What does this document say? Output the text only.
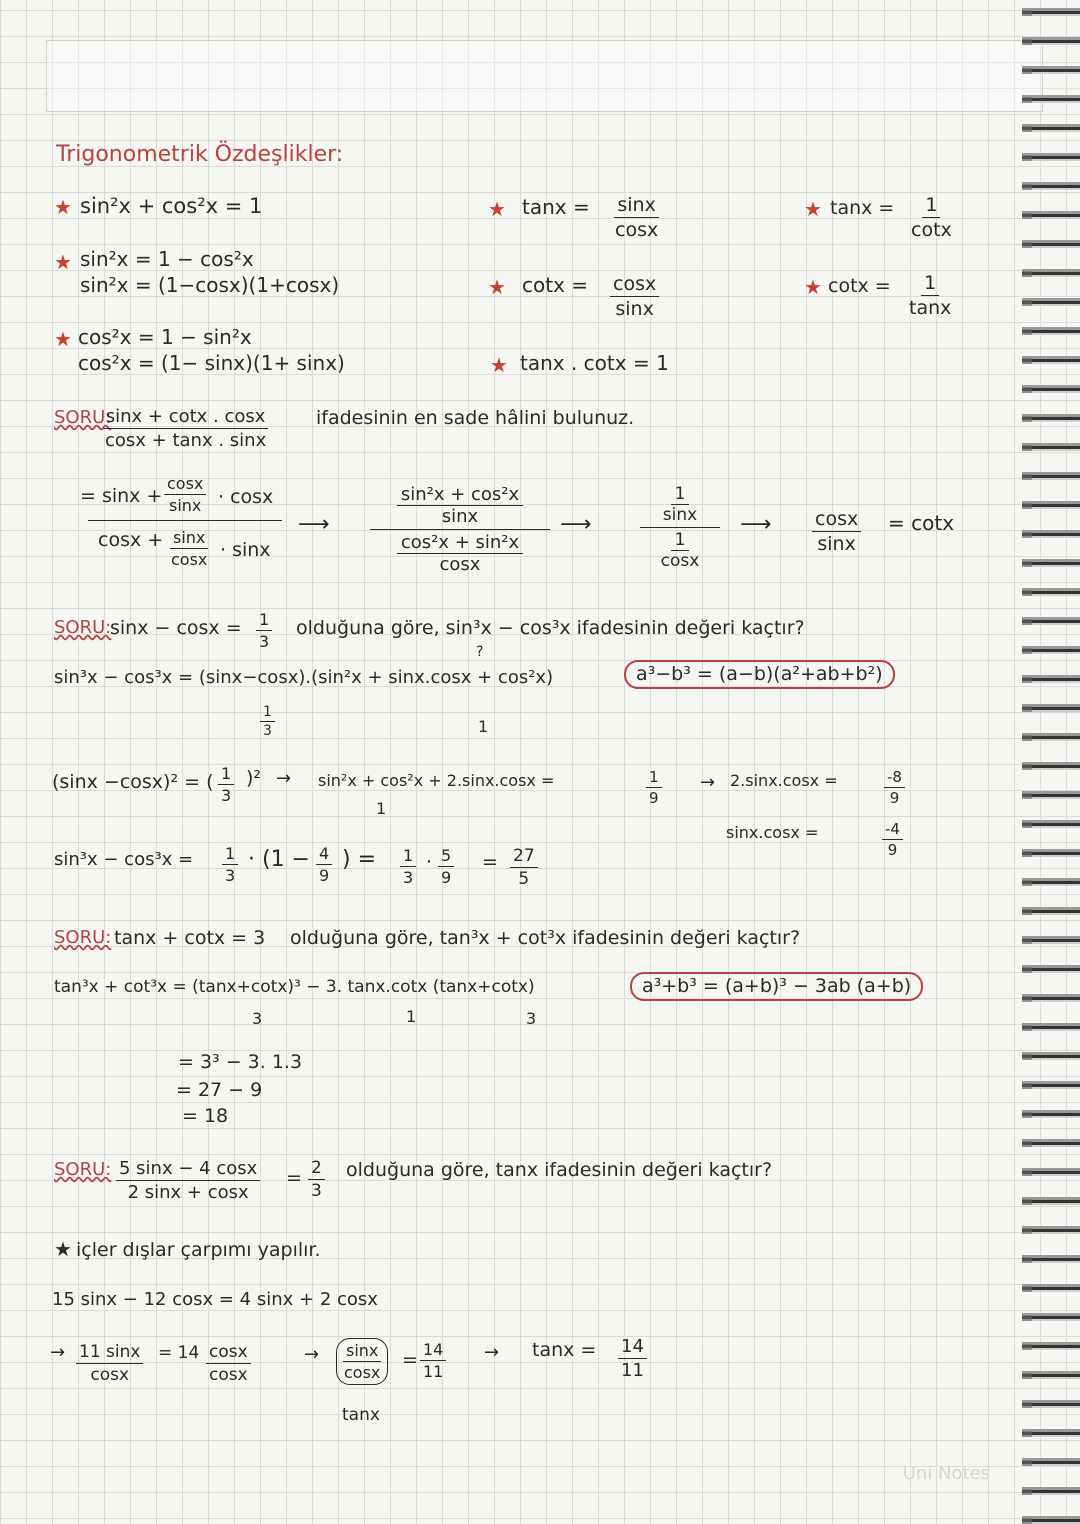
Trigonometrik Özdeşlikler:
★ sin²x + cos²x = 1
★ sin²x = 1 − cos²x
sin²x = (1−cosx)(1+cosx)
★ cos²x = 1 − sin²x
cos²x = (1− sinx)(1+ sinx)
★ $\tan x = \frac{\sin x}{\cos x}$
★ $\cot x = \frac{\cos x}{\sin x}$
★ tanx . cotx = 1
★ $\tan x = \frac{1}{\cot x}$
★ $\cot x = \frac{1}{\tan x}$
SORU:
$\frac{\sin x + \cot x . \cos x}{\cos x + \tan x . \sin x}$ ifadesinin en sade hâlini bulunuz.
= $\sin x + \frac{\cos x}{\sin x} \cdot \cos x$
$\cos x + \frac{\sin x}{\cos x} \cdot \sin x$
⟶
sin²x + cos²x
sinx
cos²x + sin²x
cosx
⟶
1
sinx
1
cosx
⟶ $\frac{\cos x}{\sin x} = \cot x$
SORU:
$\sin x - \cos x = \frac{1}{3}$ olduğuna göre, sin³x − cos³x ifadesinin değeri kaçtır?
?
sin³x − cos³x = (sinx−cosx).(sin²x + sinx.cosx + cos²x)
$\frac{1}{3}$	1
a³−b³ = (a−b)(a²+ab+b²)
(sinx −cosx)² = ( $\frac{1}{3} )^2 \to \sin^2x + \cos^2x + 2.\sin x.\cos x$ =
1
$\frac{1}{9} \to 2.\sin x.\cos x$ =	$\frac{-8}{9}$
sinx.cosx =	$\frac{-4}{9}$
$\sin^3x - \cos^3x = \frac{1}{3} \cdot (1 - \frac{4}{9}$ ) = $\frac{1}{3} \cdot \frac{5}{9} = \frac{27}{5}$
SORU: tanx + cotx = 3 olduğuna göre, tan³x + cot³x ifadesinin değeri kaçtır?
tan³x + cot³x = (tanx+cotx)³ − 3. tanx.cotx (tanx+cotx)
3	1	3
a³+b³ = (a+b)³ − 3ab (a+b)
= 3³ − 3. 1.3
= 27 − 9
= 18
SORU: $\frac{5 \sin x - 4 \cos x}{2 \sin x + \cos x} = \frac{2}{3}$ olduğuna göre, tanx ifadesinin değeri kaçtır?
★ içler dışlar çarpımı yapılır.
15 sinx − 12 cosx = 4 sinx + 2 cosx
→ $\frac{11 \sin x}{\cos x} = 14 \frac{\cos x}{\cos x}$	→ $\frac{\sin x}{\cos x} = \frac{14}{11}$
tanx
→ $\tan x = \frac{14}{11}$
Uni Notes
